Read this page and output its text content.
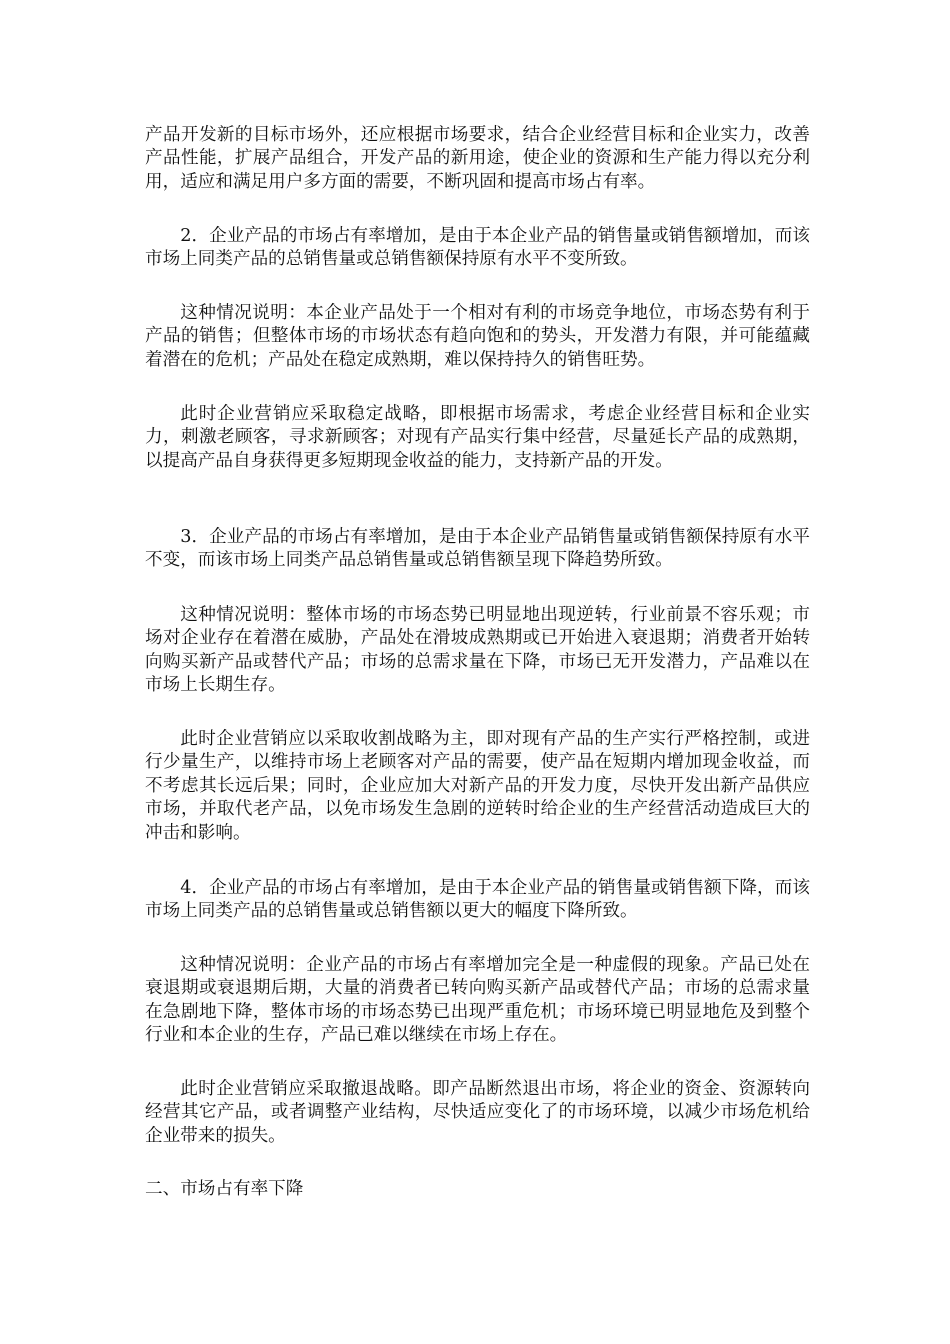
产品开发新的目标市场外，还应根据市场要求，结合企业经营目标和企业实力，改善产品性能，扩展产品组合，开发产品的新用途，使企业的资源和生产能力得以充分利用，适应和满足用户多方面的需要，不断巩固和提高市场占有率。

2．企业产品的市场占有率增加，是由于本企业产品的销售量或销售额增加，而该市场上同类产品的总销售量或总销售额保持原有水平不变所致。

这种情况说明：本企业产品处于一个相对有利的市场竞争地位，市场态势有利于产品的销售；但整体市场的市场状态有趋向饱和的势头，开发潜力有限，并可能蕴藏着潜在的危机；产品处在稳定成熟期，难以保持持久的销售旺势。

此时企业营销应采取稳定战略，即根据市场需求，考虑企业经营目标和企业实力，刺激老顾客，寻求新顾客；对现有产品实行集中经营，尽量延长产品的成熟期，以提高产品自身获得更多短期现金收益的能力，支持新产品的开发。

3．企业产品的市场占有率增加，是由于本企业产品销售量或销售额保持原有水平不变，而该市场上同类产品总销售量或总销售额呈现下降趋势所致。

这种情况说明：整体市场的市场态势已明显地出现逆转，行业前景不容乐观；市场对企业存在着潜在威胁，产品处在滑坡成熟期或已开始进入衰退期；消费者开始转向购买新产品或替代产品；市场的总需求量在下降，市场已无开发潜力，产品难以在市场上长期生存。

此时企业营销应以采取收割战略为主，即对现有产品的生产实行严格控制，或进行少量生产，以维持市场上老顾客对产品的需要，使产品在短期内增加现金收益，而不考虑其长远后果；同时，企业应加大对新产品的开发力度，尽快开发出新产品供应市场，并取代老产品，以免市场发生急剧的逆转时给企业的生产经营活动造成巨大的冲击和影响。

4．企业产品的市场占有率增加，是由于本企业产品的销售量或销售额下降，而该市场上同类产品的总销售量或总销售额以更大的幅度下降所致。

这种情况说明：企业产品的市场占有率增加完全是一种虚假的现象。产品已处在衰退期或衰退期后期，大量的消费者已转向购买新产品或替代产品；市场的总需求量在急剧地下降，整体市场的市场态势已出现严重危机；市场环境已明显地危及到整个行业和本企业的生存，产品已难以继续在市场上存在。

此时企业营销应采取撤退战略。即产品断然退出市场，将企业的资金、资源转向经营其它产品，或者调整产业结构，尽快适应变化了的市场环境，以减少市场危机给企业带来的损失。

二、市场占有率下降
